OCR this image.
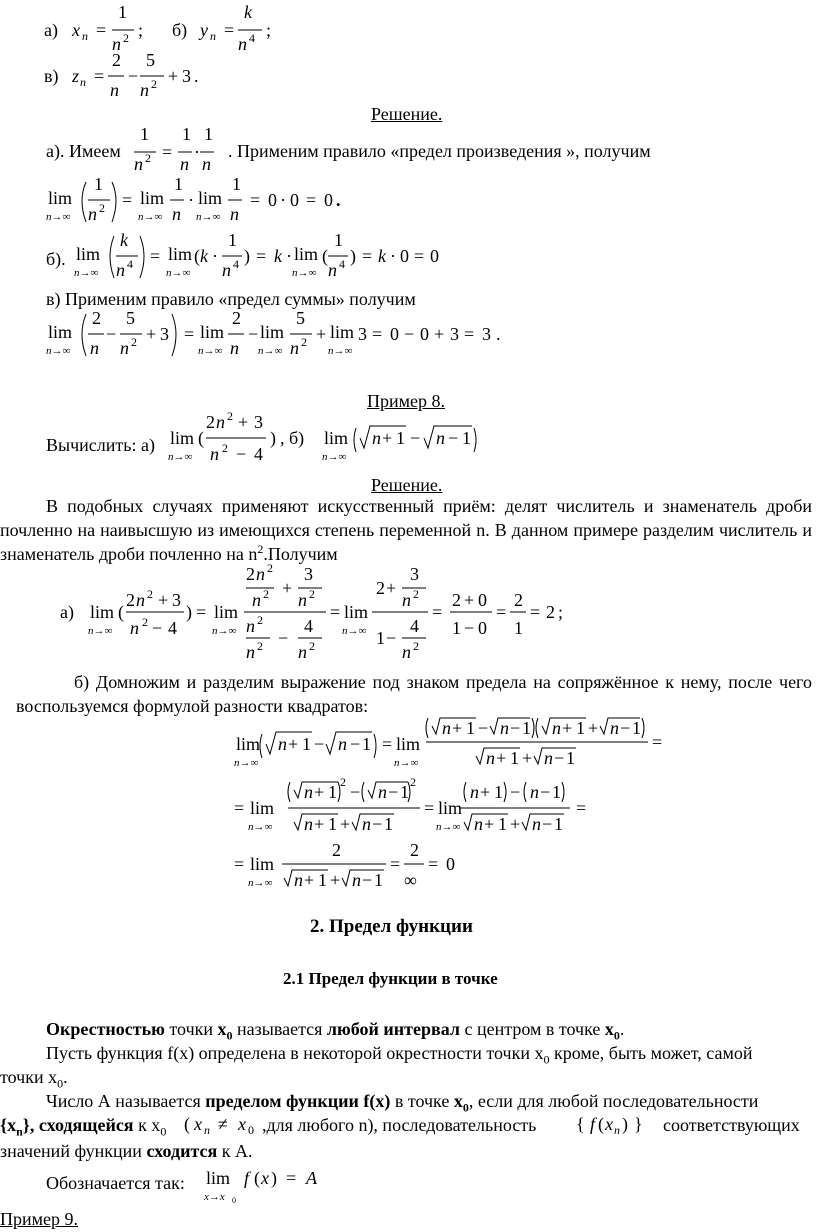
а) x n =
1
n 2 ; б) y n =
k
n 4 ;
в) z n =
2
n
−
5
n 2 + 3 .
Решение.
а). Имеем
1
n 2 =
1
n
·
1
n
. Применим правило «предел произведения », получим
lim
n→∞
1
n 2 = lim
n→∞
1
n
· lim
n→∞
1
n
= 0 · 0 = 0 .
б). lim
n→∞
k
n 4 = lim
n→∞
( k ·
1
n 4 ) = k · lim
n→∞
(
1
n 4 ) = k · 0 = 0
в) Применим правило «предел суммы» получим
lim
n→∞
2
n
−
5
n 2 + 3 = lim
n→∞
2
n
− lim
n→∞
5
n 2 + lim
n→∞
3 = 0 − 0 + 3 = 3 .
Пример 8.
Вычислить: а) lim
n→∞
(
2 n 2 + 3
n 2 − 4
) , б) lim
n→∞
n + 1 − n − 1
Решение.
В подобных случаях применяют искусственный приём: делят числитель и знаменатель дроби почленно на наивысшую из имеющихся степень переменной n. В данном примере разделим числитель и знаменатель дроби почленно на $n^2.Получим$
а) lim
n→∞
(
2 n 2 + 3
n 2 − 4
) = lim
n→∞
2 n 2
n 2 +
3
n 2
n 2
n 2 −
4
n 2
= lim
n→∞
2 +
3
n 2
1 −
4
n 2
=
2 + 0
1 − 0
=
2
1
= 2 ;
б) Домножим и разделим выражение под знаком предела на сопряжённое к нему, после чего воспользуемся формулой разности квадратов:
lim
n→∞
n + 1 − n − 1 = lim
n→∞
n + 1 − n − 1 n + 1 + n − 1
n + 1 + n − 1
=
= lim
n→∞
n + 1 2 − n − 1 2
n + 1 + n − 1
= lim
n→∞
n + 1 − n − 1
n + 1 + n − 1
=
= lim
n→∞
2
n + 1 + n − 1
=
2
∞
= 0
2. Предел функции
2.1 Предел функции в точке
Окрестностью точки $x_0$ называется любой интервал с центром в точке $x_0$.
Пусть функция f(x) определена в некоторой окрестности точки $x_0$ кроме, быть может, самой
точки $x_0$.
Число А называется пределом функции f(x) в точке $x_0$, если для любой последовательности
$\{x_n\}$, сходящейся к $x_0$ ( x n ≠ x 0 ,для любого n), последовательность { f ( x n ) } соответствующих
значений функции сходится к А.
Обозначается так: lim
x→x 0
f ( x ) = A
Пример 9.
